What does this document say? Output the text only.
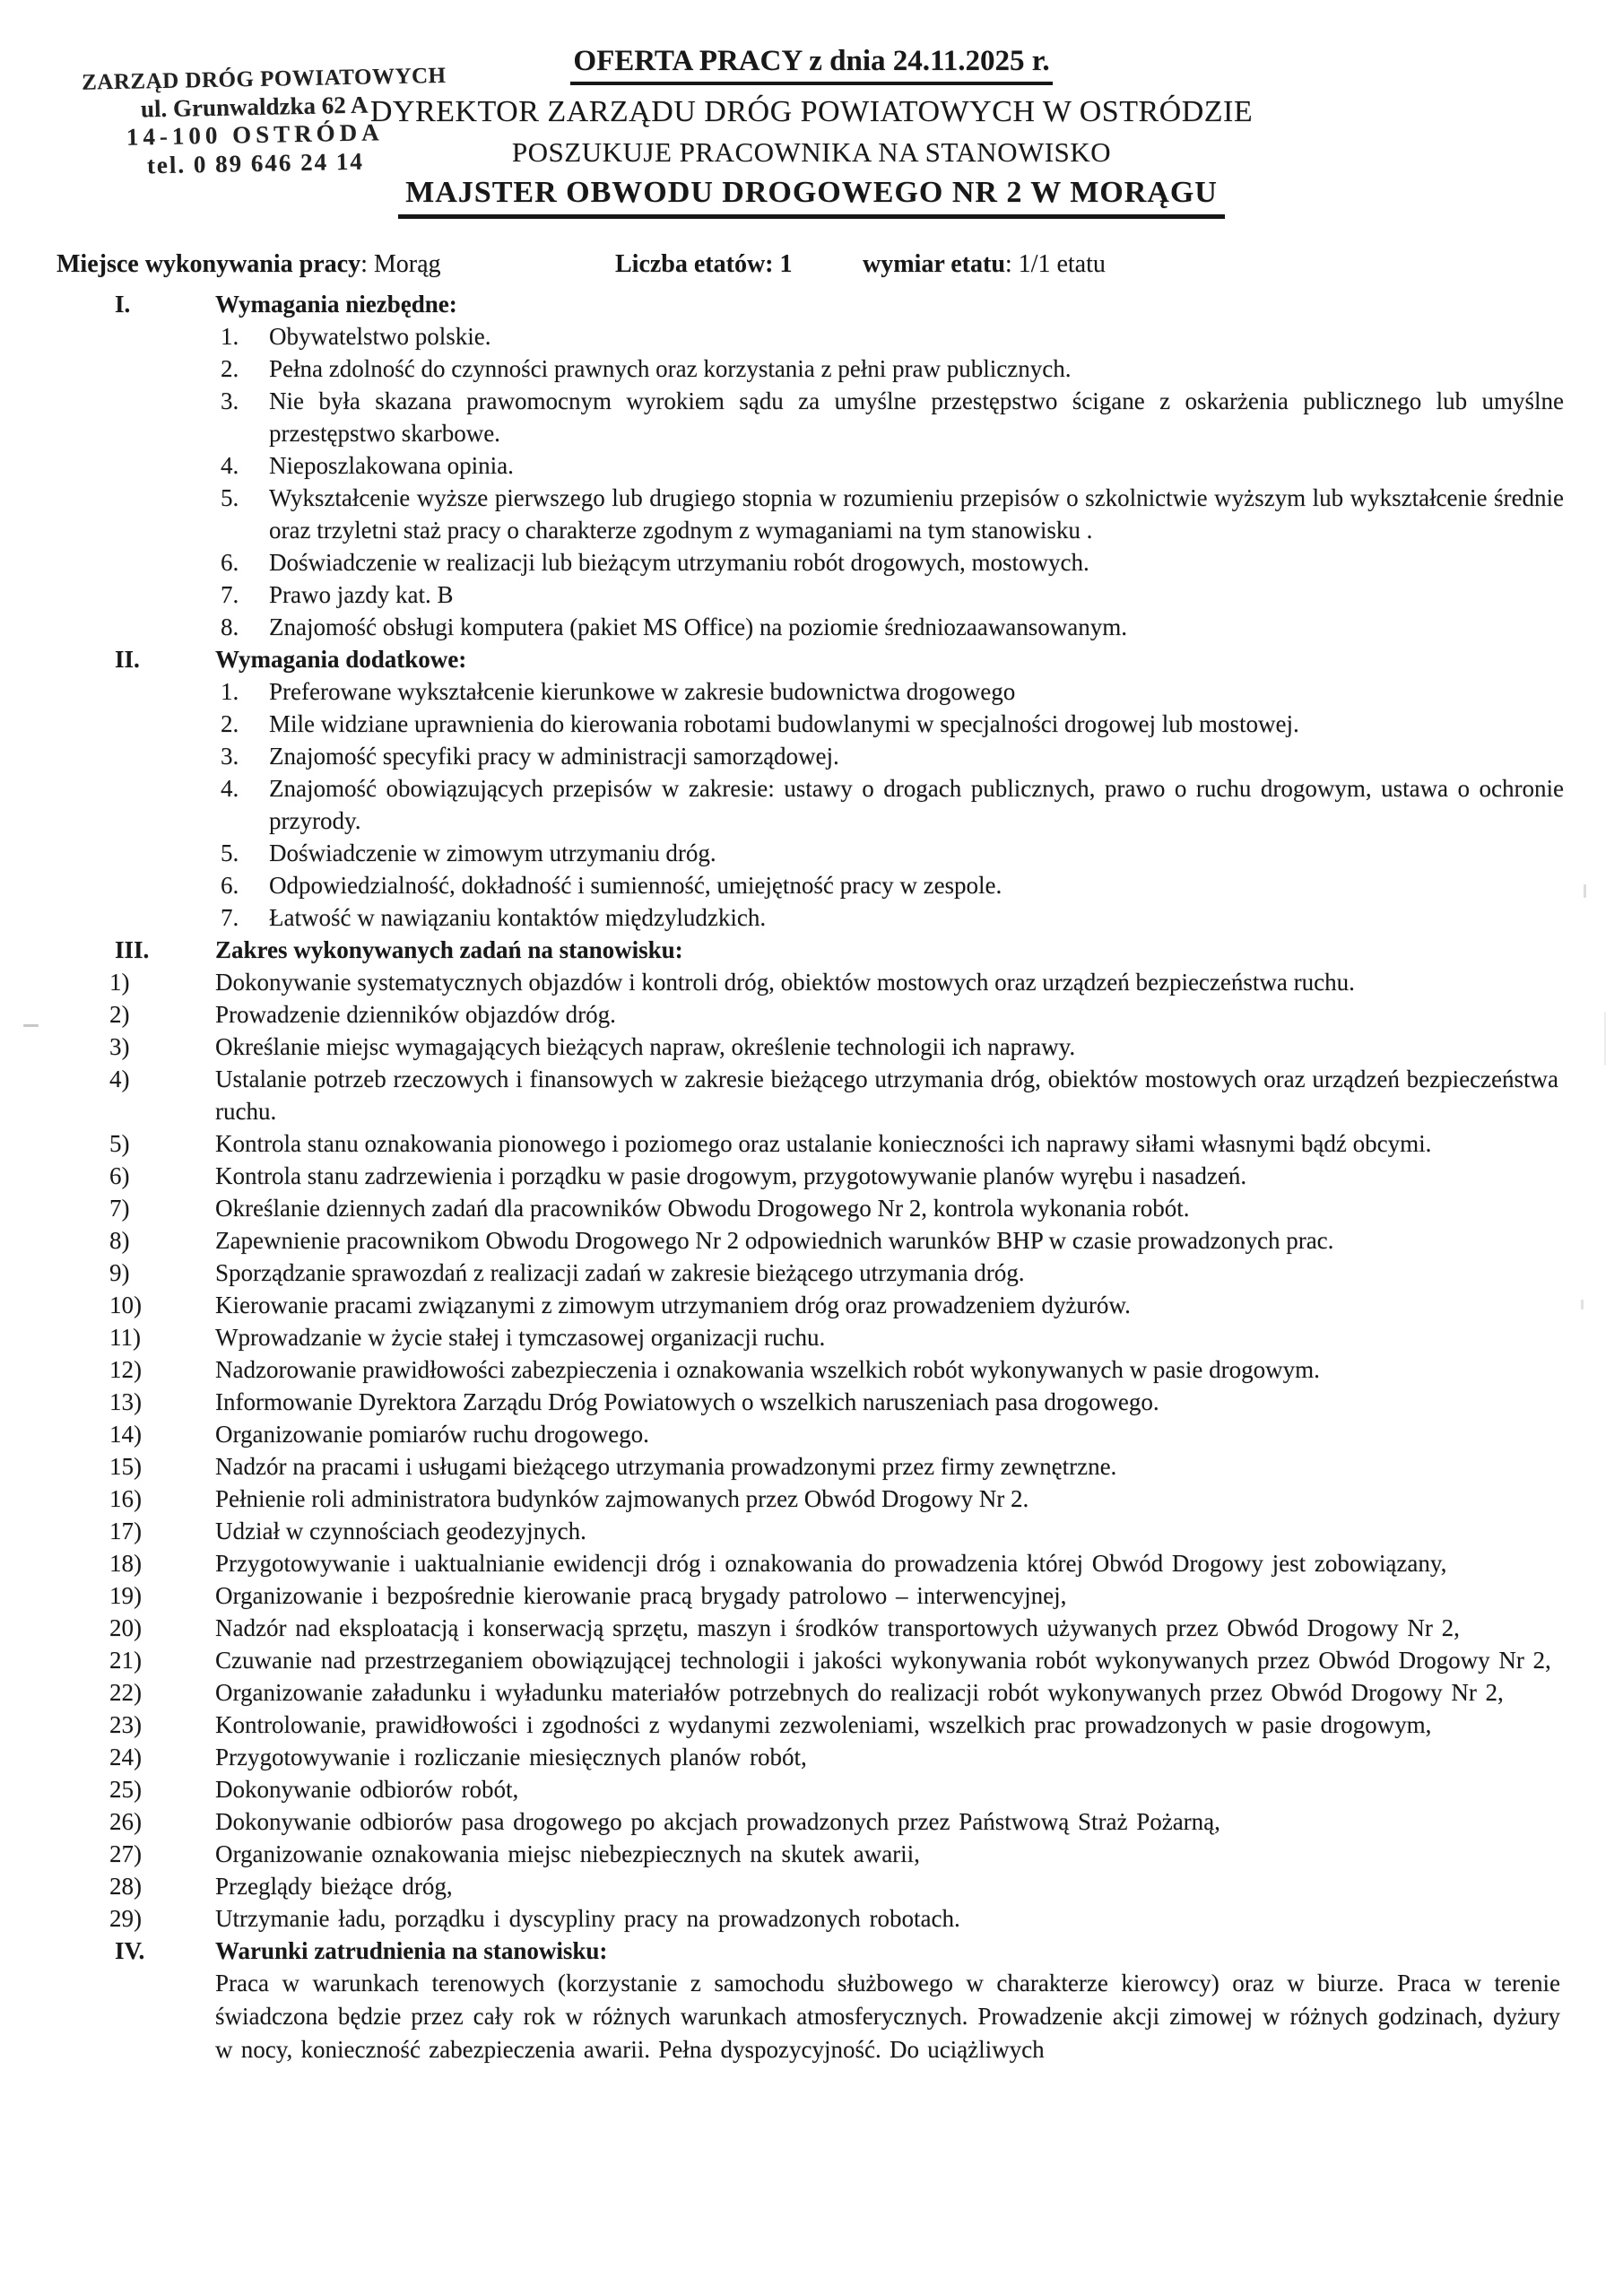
ZARZĄD DRÓG POWIATOWYCH
ul. Grunwaldzka 62 A
14-100 OSTRÓDA
tel. 0 89 646 24 14
OFERTA PRACY z dnia 24.11.2025 r.
DYREKTOR ZARZĄDU DRÓG POWIATOWYCH W OSTRÓDZIE
POSZUKUJE PRACOWNIKA NA STANOWISKO
MAJSTER OBWODU DROGOWEGO NR 2 W MORĄGU
Miejsce wykonywania pracy: Morąg	Liczba etatów: 1	wymiar etatu: 1/1 etatu
I.	Wymagania niezbędne:
1.	Obywatelstwo polskie.
2.	Pełna zdolność do czynności prawnych oraz korzystania z pełni praw publicznych.
3.	Nie była skazana prawomocnym wyrokiem sądu za umyślne przestępstwo ścigane z oskarżenia publicznego lub umyślne przestępstwo skarbowe.
4.	Nieposzlakowana opinia.
5.	Wykształcenie wyższe pierwszego lub drugiego stopnia w rozumieniu przepisów o szkolnictwie wyższym lub wykształcenie średnie oraz trzyletni staż pracy o charakterze zgodnym z wymaganiami na tym stanowisku .
6.	Doświadczenie w realizacji lub bieżącym utrzymaniu robót drogowych, mostowych.
7.	Prawo jazdy kat. B
8.	Znajomość obsługi komputera (pakiet MS Office) na poziomie średniozaawansowanym.
II.	Wymagania dodatkowe:
1.	Preferowane wykształcenie kierunkowe w zakresie budownictwa drogowego
2.	Mile widziane uprawnienia do kierowania robotami budowlanymi w specjalności drogowej lub mostowej.
3.	Znajomość specyfiki pracy w administracji samorządowej.
4.	Znajomość obowiązujących przepisów w zakresie: ustawy o drogach publicznych, prawo o ruchu drogowym, ustawa o ochronie przyrody.
5.	Doświadczenie w zimowym utrzymaniu dróg.
6.	Odpowiedzialność, dokładność i sumienność, umiejętność pracy w zespole.
7.	Łatwość w nawiązaniu kontaktów międzyludzkich.
III.	Zakres wykonywanych zadań na stanowisku:
1)	Dokonywanie systematycznych objazdów i kontroli dróg, obiektów mostowych oraz urządzeń bezpieczeństwa ruchu.
2)	Prowadzenie dzienników objazdów dróg.
3)	Określanie miejsc wymagających bieżących napraw, określenie technologii ich naprawy.
4)	Ustalanie potrzeb rzeczowych i finansowych w zakresie bieżącego utrzymania dróg, obiektów mostowych oraz urządzeń bezpieczeństwa ruchu.
5)	Kontrola stanu oznakowania pionowego i poziomego oraz ustalanie konieczności ich naprawy siłami własnymi bądź obcymi.
6)	Kontrola stanu zadrzewienia i porządku w pasie drogowym, przygotowywanie planów wyrębu i nasadzeń.
7)	Określanie dziennych zadań dla pracowników Obwodu Drogowego Nr 2, kontrola wykonania robót.
8)	Zapewnienie pracownikom Obwodu Drogowego Nr 2 odpowiednich warunków BHP w czasie prowadzonych prac.
9)	Sporządzanie sprawozdań z realizacji zadań w zakresie bieżącego utrzymania dróg.
10)	Kierowanie pracami związanymi z zimowym utrzymaniem dróg oraz prowadzeniem dyżurów.
11)	Wprowadzanie w życie stałej i tymczasowej organizacji ruchu.
12)	Nadzorowanie prawidłowości zabezpieczenia i oznakowania wszelkich robót wykonywanych w pasie drogowym.
13)	Informowanie Dyrektora Zarządu Dróg Powiatowych o wszelkich naruszeniach pasa drogowego.
14)	Organizowanie pomiarów ruchu drogowego.
15)	Nadzór na pracami i usługami bieżącego utrzymania prowadzonymi przez firmy zewnętrzne.
16)	Pełnienie roli administratora budynków zajmowanych przez Obwód Drogowy Nr 2.
17)	Udział w czynnościach geodezyjnych.
18)	Przygotowywanie i uaktualnianie ewidencji dróg i oznakowania do prowadzenia której Obwód Drogowy jest zobowiązany,
19)	Organizowanie i bezpośrednie kierowanie pracą brygady patrolowo – interwencyjnej,
20)	Nadzór nad eksploatacją i konserwacją sprzętu, maszyn i środków transportowych używanych przez Obwód Drogowy Nr 2,
21)	Czuwanie nad przestrzeganiem obowiązującej technologii i jakości wykonywania robót wykonywanych przez Obwód Drogowy Nr 2,
22)	Organizowanie załadunku i wyładunku materiałów potrzebnych do realizacji robót wykonywanych przez Obwód Drogowy Nr 2,
23)	Kontrolowanie, prawidłowości i zgodności z wydanymi zezwoleniami, wszelkich prac prowadzonych w pasie drogowym,
24)	Przygotowywanie i rozliczanie miesięcznych planów robót,
25)	Dokonywanie odbiorów robót,
26)	Dokonywanie odbiorów pasa drogowego po akcjach prowadzonych przez Państwową Straż Pożarną,
27)	Organizowanie oznakowania miejsc niebezpiecznych na skutek awarii,
28)	Przeglądy bieżące dróg,
29)	Utrzymanie ładu, porządku i dyscypliny pracy na prowadzonych robotach.
IV.	Warunki zatrudnienia na stanowisku:
Praca w warunkach terenowych (korzystanie z samochodu służbowego w charakterze kierowcy) oraz w biurze. Praca w terenie świadczona będzie przez cały rok w różnych warunkach atmosferycznych. Prowadzenie akcji zimowej w różnych godzinach, dyżury w nocy, konieczność zabezpieczenia awarii. Pełna dyspozycyjność. Do uciążliwych
